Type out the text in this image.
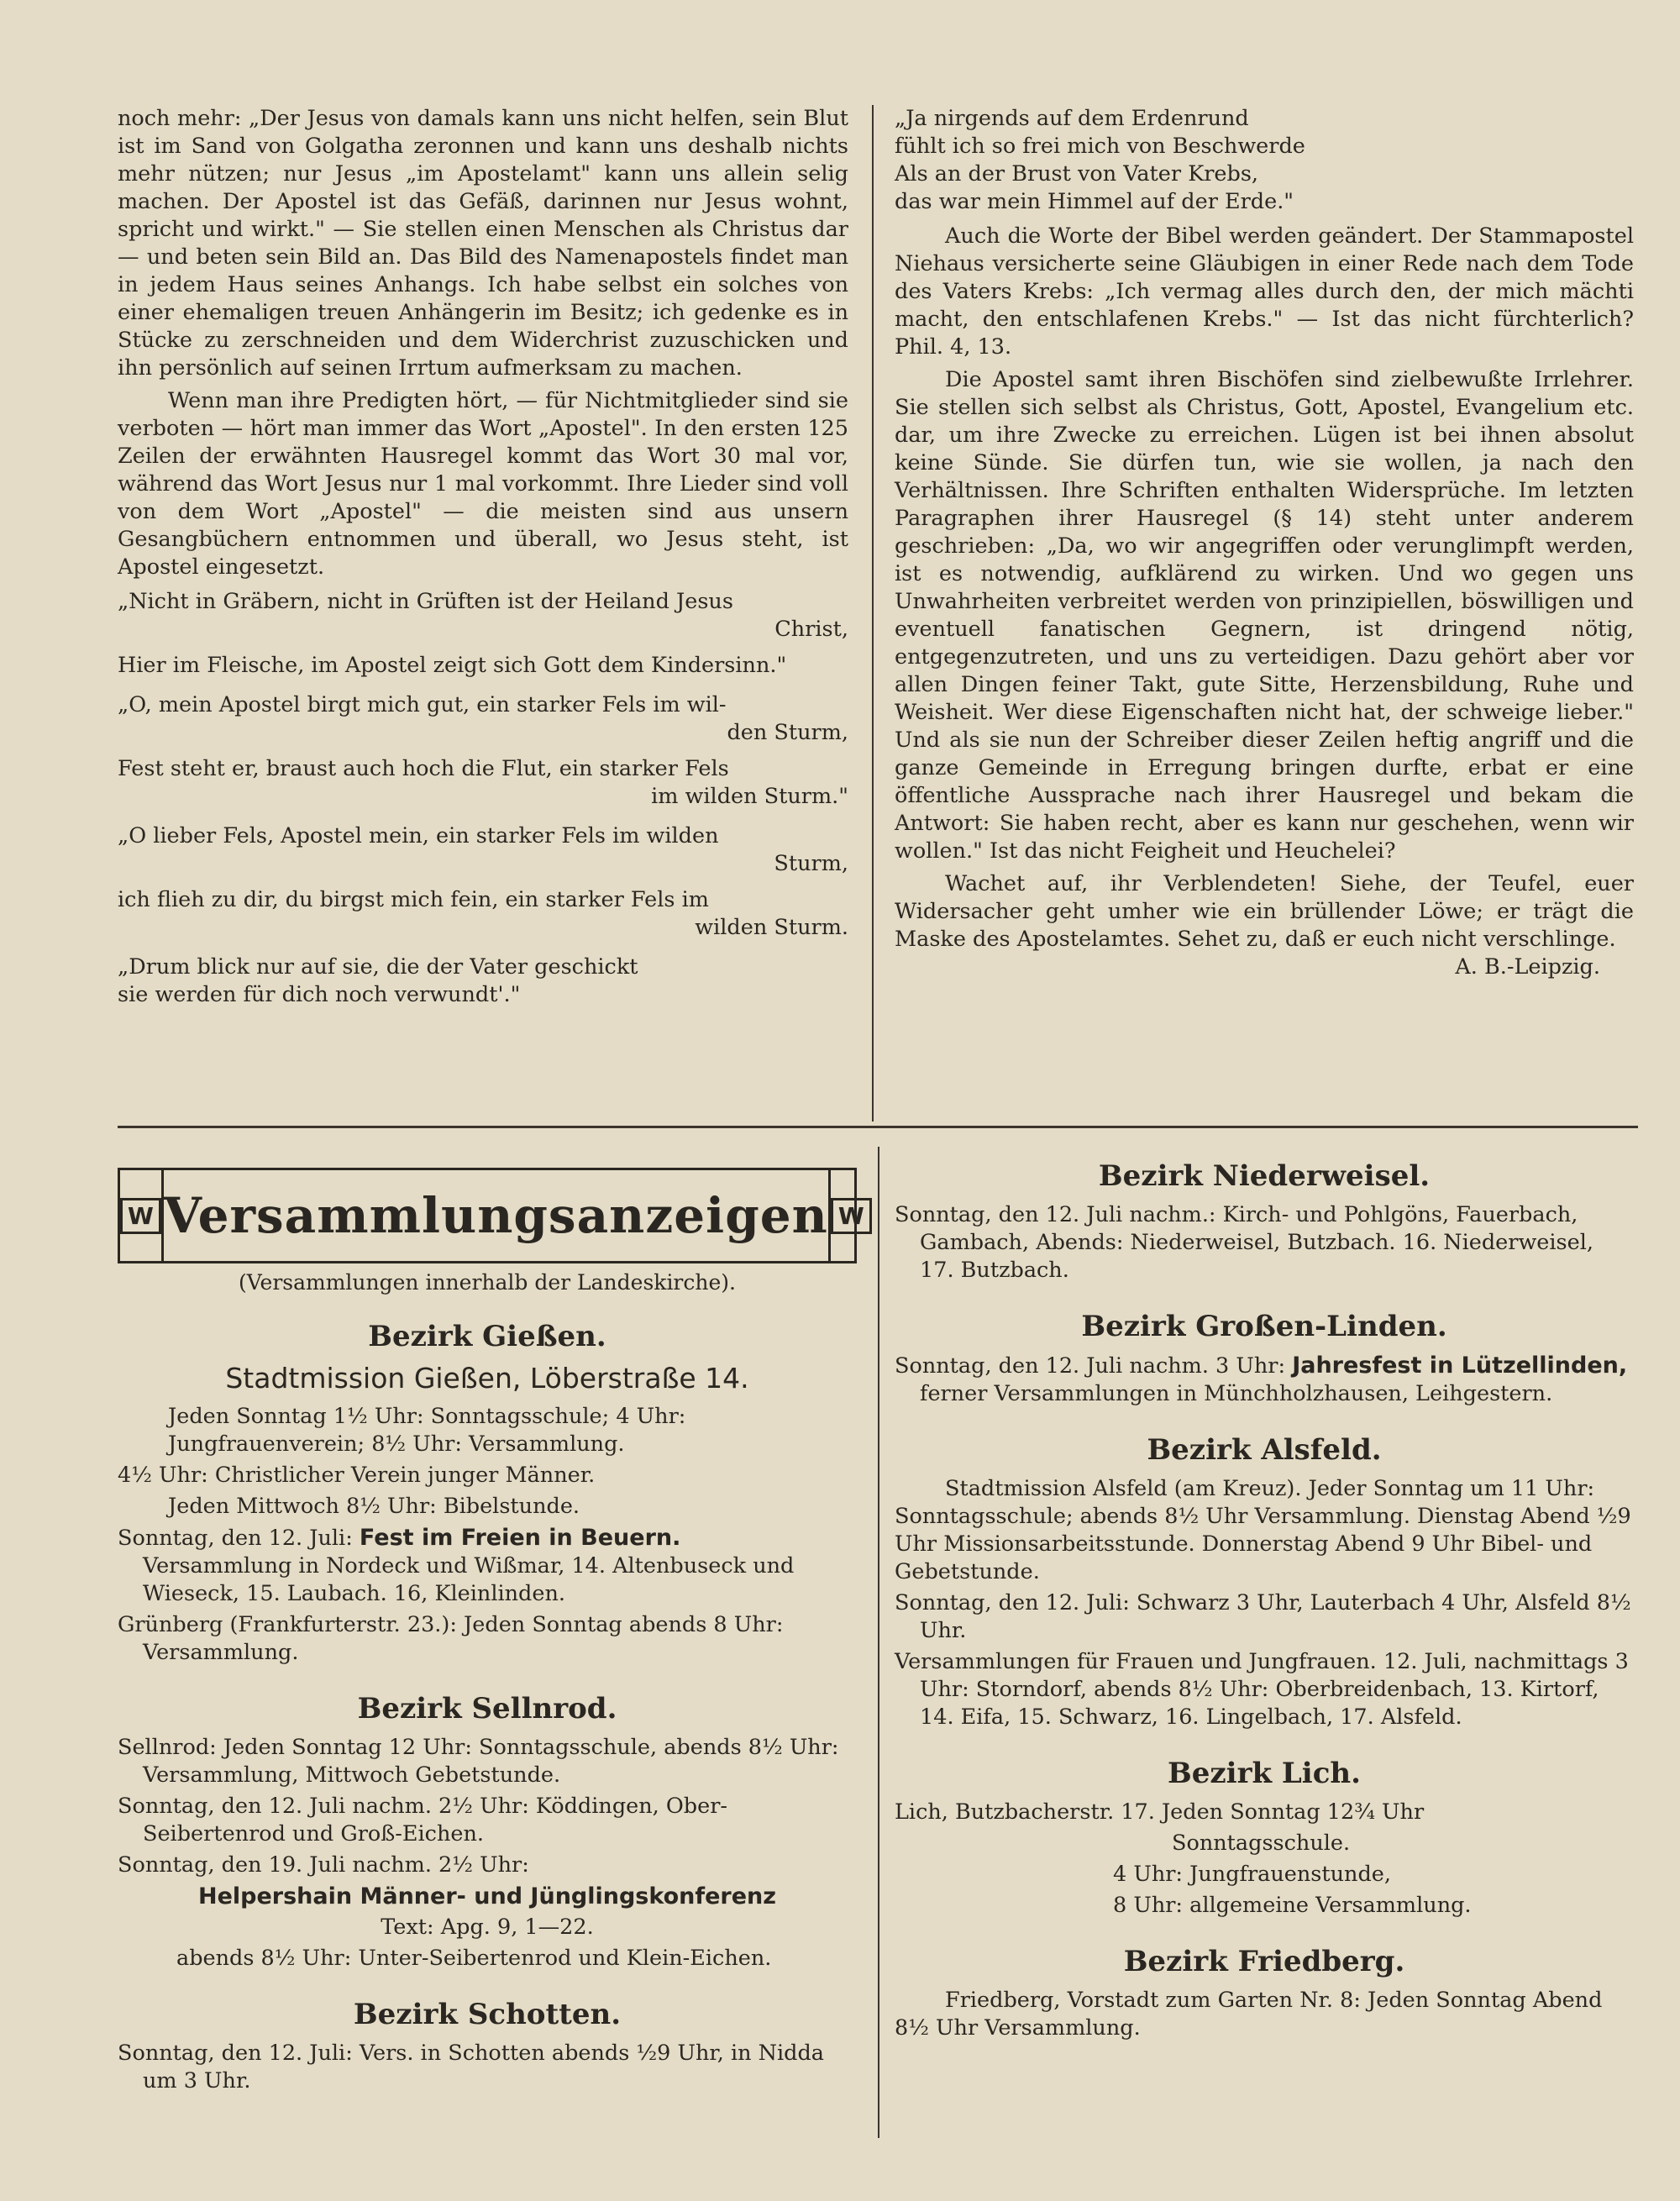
noch mehr: „Der Jesus von damals kann uns nicht helfen, sein Blut ist im Sand von Golgatha zeronnen und kann uns deshalb nichts mehr nützen; nur Jesus „im Apostelamt" kann uns allein selig machen. Der Apostel ist das Gefäß, darinnen nur Jesus wohnt, spricht und wirkt." — Sie stellen einen Menschen als Christus dar — und beten sein Bild an. Das Bild des Namenapostels findet man in jedem Haus seines Anhangs. Ich habe selbst ein solches von einer ehemaligen treuen Anhängerin im Besitz; ich gedenke es in Stücke zu zerschneiden und dem Widerchrist zuzuschicken und ihn persönlich auf seinen Irrtum aufmerksam zu machen.

Wenn man ihre Predigten hört, — für Nichtmitglieder sind sie verboten — hört man immer das Wort „Apostel". In den ersten 125 Zeilen der erwähnten Hausregel kommt das Wort 30 mal vor, während das Wort Jesus nur 1 mal vorkommt. Ihre Lieder sind voll von dem Wort „Apostel" — die meisten sind aus unsern Gesangbüchern entnommen und überall, wo Jesus steht, ist Apostel eingesetzt.

„Nicht in Gräbern, nicht in Grüften ist der Heiland Jesus
Christ,
Hier im Fleische, im Apostel zeigt sich Gott dem Kindersinn."
„O, mein Apostel birgt mich gut, ein starker Fels im wil-
den Sturm,
Fest steht er, braust auch hoch die Flut, ein starker Fels
im wilden Sturm."
„O lieber Fels, Apostel mein, ein starker Fels im wilden
Sturm,
ich flieh zu dir, du birgst mich fein, ein starker Fels im
wilden Sturm.
„Drum blick nur auf sie, die der Vater geschickt
sie werden für dich noch verwundt'."
„Ja nirgends auf dem Erdenrund
fühlt ich so frei mich von Beschwerde
Als an der Brust von Vater Krebs,
das war mein Himmel auf der Erde."

Auch die Worte der Bibel werden geändert. Der Stammapostel Niehaus versicherte seine Gläubigen in einer Rede nach dem Tode des Vaters Krebs: „Ich vermag alles durch den, der mich mächti macht, den entschlafenen Krebs." — Ist das nicht fürchterlich? Phil. 4, 13.

Die Apostel samt ihren Bischöfen sind zielbewußte Irrlehrer. Sie stellen sich selbst als Christus, Gott, Apostel, Evangelium etc. dar, um ihre Zwecke zu erreichen. Lügen ist bei ihnen absolut keine Sünde. Sie dürfen tun, wie sie wollen, ja nach den Verhältnissen. Ihre Schriften enthalten Widersprüche. Im letzten Paragraphen ihrer Hausregel (§ 14) steht unter anderem geschrieben: „Da, wo wir angegriffen oder verunglimpft werden, ist es notwendig, aufklärend zu wirken. Und wo gegen uns Unwahrheiten verbreitet werden von prinzipiellen, böswilligen und eventuell fanatischen Gegnern, ist dringend nötig, entgegenzutreten, und uns zu verteidigen. Dazu gehört aber vor allen Dingen feiner Takt, gute Sitte, Herzensbildung, Ruhe und Weisheit. Wer diese Eigenschaften nicht hat, der schweige lieber." Und als sie nun der Schreiber dieser Zeilen heftig angriff und die ganze Gemeinde in Erregung bringen durfte, erbat er eine öffentliche Aussprache nach ihrer Hausregel und bekam die Antwort: Sie haben recht, aber es kann nur geschehen, wenn wir wollen." Ist das nicht Feigheit und Heuchelei?

Wachet auf, ihr Verblendeten! Siehe, der Teufel, euer Widersacher geht umher wie ein brüllender Löwe; er trägt die Maske des Apostelamtes. Sehet zu, daß er euch nicht verschlinge.
A. B.-Leipzig.

W Versammlungsanzeigen W
(Versammlungen innerhalb der Landeskirche).
Bezirk Gießen.
Stadtmission Gießen, Löberstraße 14.
Jeden Sonntag 1½ Uhr: Sonntagsschule; 4 Uhr: Jungfrauenverein; 8½ Uhr: Versammlung.
4½ Uhr: Christlicher Verein junger Männer.
Jeden Mittwoch 8½ Uhr: Bibelstunde.
Sonntag, den 12. Juli: Fest im Freien in Beuern.
Versammlung in Nordeck und Wißmar, 14. Altenbuseck und Wieseck, 15. Laubach. 16, Kleinlinden.
Grünberg (Frankfurterstr. 23.): Jeden Sonntag abends 8 Uhr: Versammlung.
Bezirk Sellnrod.
Sellnrod: Jeden Sonntag 12 Uhr: Sonntagsschule, abends 8½ Uhr: Versammlung, Mittwoch Gebetstunde.
Sonntag, den 12. Juli nachm. 2½ Uhr: Köddingen, Ober-Seibertenrod und Groß-Eichen.
Sonntag, den 19. Juli nachm. 2½ Uhr:
Helpershain Männer- und Jünglingskonferenz
Text: Apg. 9, 1—22.
abends 8½ Uhr: Unter-Seibertenrod und Klein-Eichen.
Bezirk Schotten.
Sonntag, den 12. Juli: Vers. in Schotten abends ½9 Uhr, in Nidda um 3 Uhr.
Bezirk Niederweisel.
Sonntag, den 12. Juli nachm.: Kirch- und Pohlgöns, Fauerbach, Gambach, Abends: Niederweisel, Butzbach. 16. Niederweisel, 17. Butzbach.
Bezirk Großen-Linden.
Sonntag, den 12. Juli nachm. 3 Uhr: Jahresfest in Lützellinden, ferner Versammlungen in Münchholzhausen, Leihgestern.
Bezirk Alsfeld.
Stadtmission Alsfeld (am Kreuz). Jeder Sonntag um 11 Uhr: Sonntagsschule; abends 8½ Uhr Versammlung. Dienstag Abend ½9 Uhr Missionsarbeitsstunde. Donnerstag Abend 9 Uhr Bibel- und Gebetstunde.
Sonntag, den 12. Juli: Schwarz 3 Uhr, Lauterbach 4 Uhr, Alsfeld 8½ Uhr.
Versammlungen für Frauen und Jungfrauen. 12. Juli, nachmittags 3 Uhr: Storndorf, abends 8½ Uhr: Oberbreidenbach, 13. Kirtorf, 14. Eifa, 15. Schwarz, 16. Lingelbach, 17. Alsfeld.
Bezirk Lich.
Lich, Butzbacherstr. 17. Jeden Sonntag 12¾ Uhr
Sonntagsschule.
4 Uhr: Jungfrauenstunde,
8 Uhr: allgemeine Versammlung.
Bezirk Friedberg.
Friedberg, Vorstadt zum Garten Nr. 8: Jeden Sonntag Abend 8½ Uhr Versammlung.
